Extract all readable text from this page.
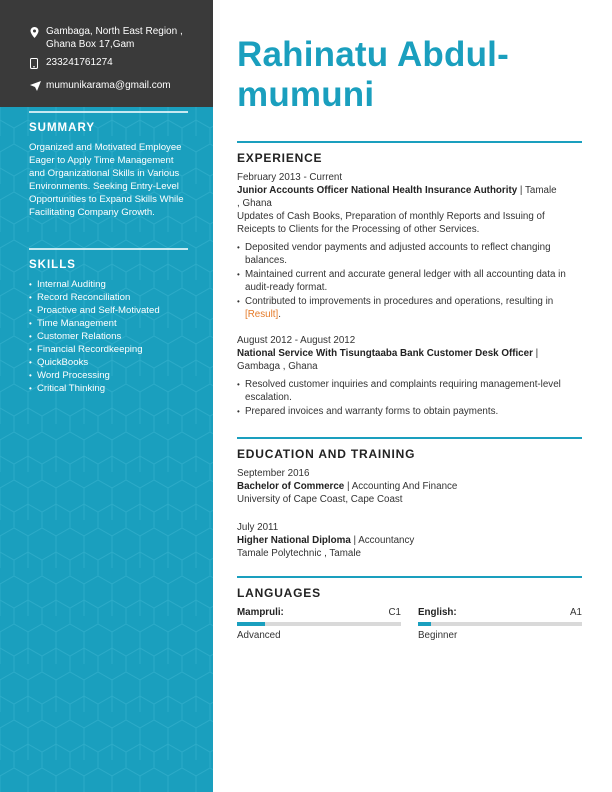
Gambaga, North East Region , Ghana Box 17,Gam
233241761274
mumunikarama@gmail.com
SUMMARY
Organized and Motivated Employee Eager to Apply Time Management and Organizational Skills in Various Environments. Seeking Entry-Level Opportunities to Expand Skills While Facilitating Company Growth.
SKILLS
• Internal Auditing
• Record Reconciliation
• Proactive and Self-Motivated
• Time Management
• Customer Relations
• Financial Recordkeeping
• QuickBooks
• Word Processing
• Critical Thinking
Rahinatu Abdul-
mumuni
EXPERIENCE
February 2013 - Current
Junior Accounts Officer National Health Insurance Authority | Tamale
, Ghana
Updates of Cash Books, Preparation of monthly Reports and Issuing of Reicepts to Clients for the Processing of other Services.
• Deposited vendor payments and adjusted accounts to reflect changing balances.
• Maintained current and accurate general ledger with all accounting data in audit-ready format.
• Contributed to improvements in procedures and operations, resulting in
[Result].
August 2012 - August 2012
National Service With Tisungtaaba Bank Customer Desk Officer |
Gambaga , Ghana
• Resolved customer inquiries and complaints requiring management-level escalation.
• Prepared invoices and warranty forms to obtain payments.
EDUCATION AND TRAINING
September 2016
Bachelor of Commerce | Accounting And Finance
University of Cape Coast, Cape Coast
July 2011
Higher National Diploma | Accountancy
Tamale Polytechnic , Tamale
LANGUAGES
Mampruli:	C1
Advanced
English:	A1
Beginner
